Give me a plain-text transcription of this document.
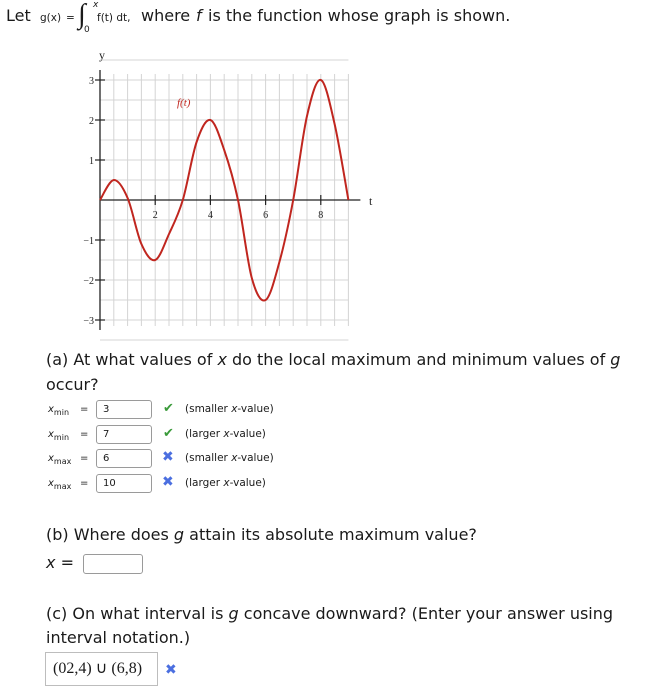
Let g(x) = ∫ x
0
f(t) dt, where f is the function whose graph is shown.
2	4	6	8
3
2
1
−1
−2
−3
f(t)
y
t
(a) At what values of x do the local maximum and minimum values of g
occur?
$x_{min}$ =	3	✔ (smaller x-value)
$x_{min}$ =	7	✔ (larger x-value)
$x_{max}$ =	6	✖ (smaller x-value)
$x_{max}$ =	10	✖ (larger x-value)
(b) Where does g attain its absolute maximum value?
x =
(c) On what interval is g concave downward? (Enter your answer using
interval notation.)
(02,4) ∪ (6,8)	✖
